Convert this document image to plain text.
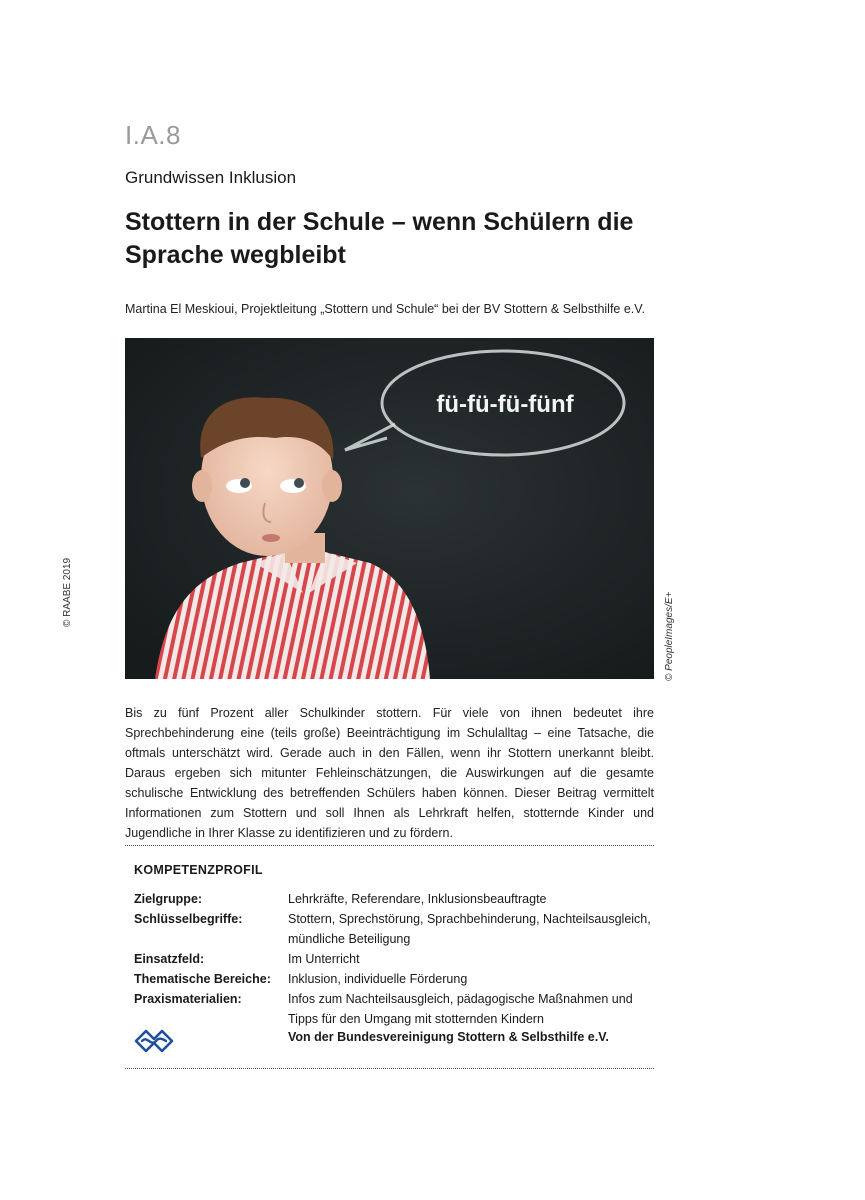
I.A.8
Grundwissen Inklusion
Stottern in der Schule – wenn Schülern die Sprache wegbleibt
Martina El Meskioui, Projektleitung „Stottern und Schule“ bei der BV Stottern & Selbsthilfe e.V.
© RAABE 2019
fü-fü-fü-fünf
© PeopleImages/E+
Bis zu fünf Prozent aller Schulkinder stottern. Für viele von ihnen bedeutet ihre Sprechbehinderung eine (teils große) Beeinträchtigung im Schulalltag – eine Tatsache, die oftmals unterschätzt wird. Gerade auch in den Fällen, wenn ihr Stottern unerkannt bleibt. Daraus ergeben sich mitunter Fehleinschätzungen, die Auswirkungen auf die gesamte schulische Entwicklung des betreffenden Schülers haben können. Dieser Beitrag vermittelt Informationen zum Stottern und soll Ihnen als Lehrkraft helfen, stotternde Kinder und Jugendliche in Ihrer Klasse zu identifizieren und zu fördern.
KOMPETENZPROFIL
Zielgruppe:	Lehrkräfte, Referendare, Inklusionsbeauftragte
Schlüsselbegriffe:	Stottern, Sprechstörung, Sprachbehinderung, Nachteilsausgleich, mündliche Beteiligung
Einsatzfeld:	Im Unterricht
Thematische Bereiche:	Inklusion, individuelle Förderung
Praxismaterialien:	Infos zum Nachteilsausgleich, pädagogische Maßnahmen und Tipps für den Umgang mit stotternden Kindern
Von der Bundesvereinigung Stottern & Selbsthilfe e.V.
